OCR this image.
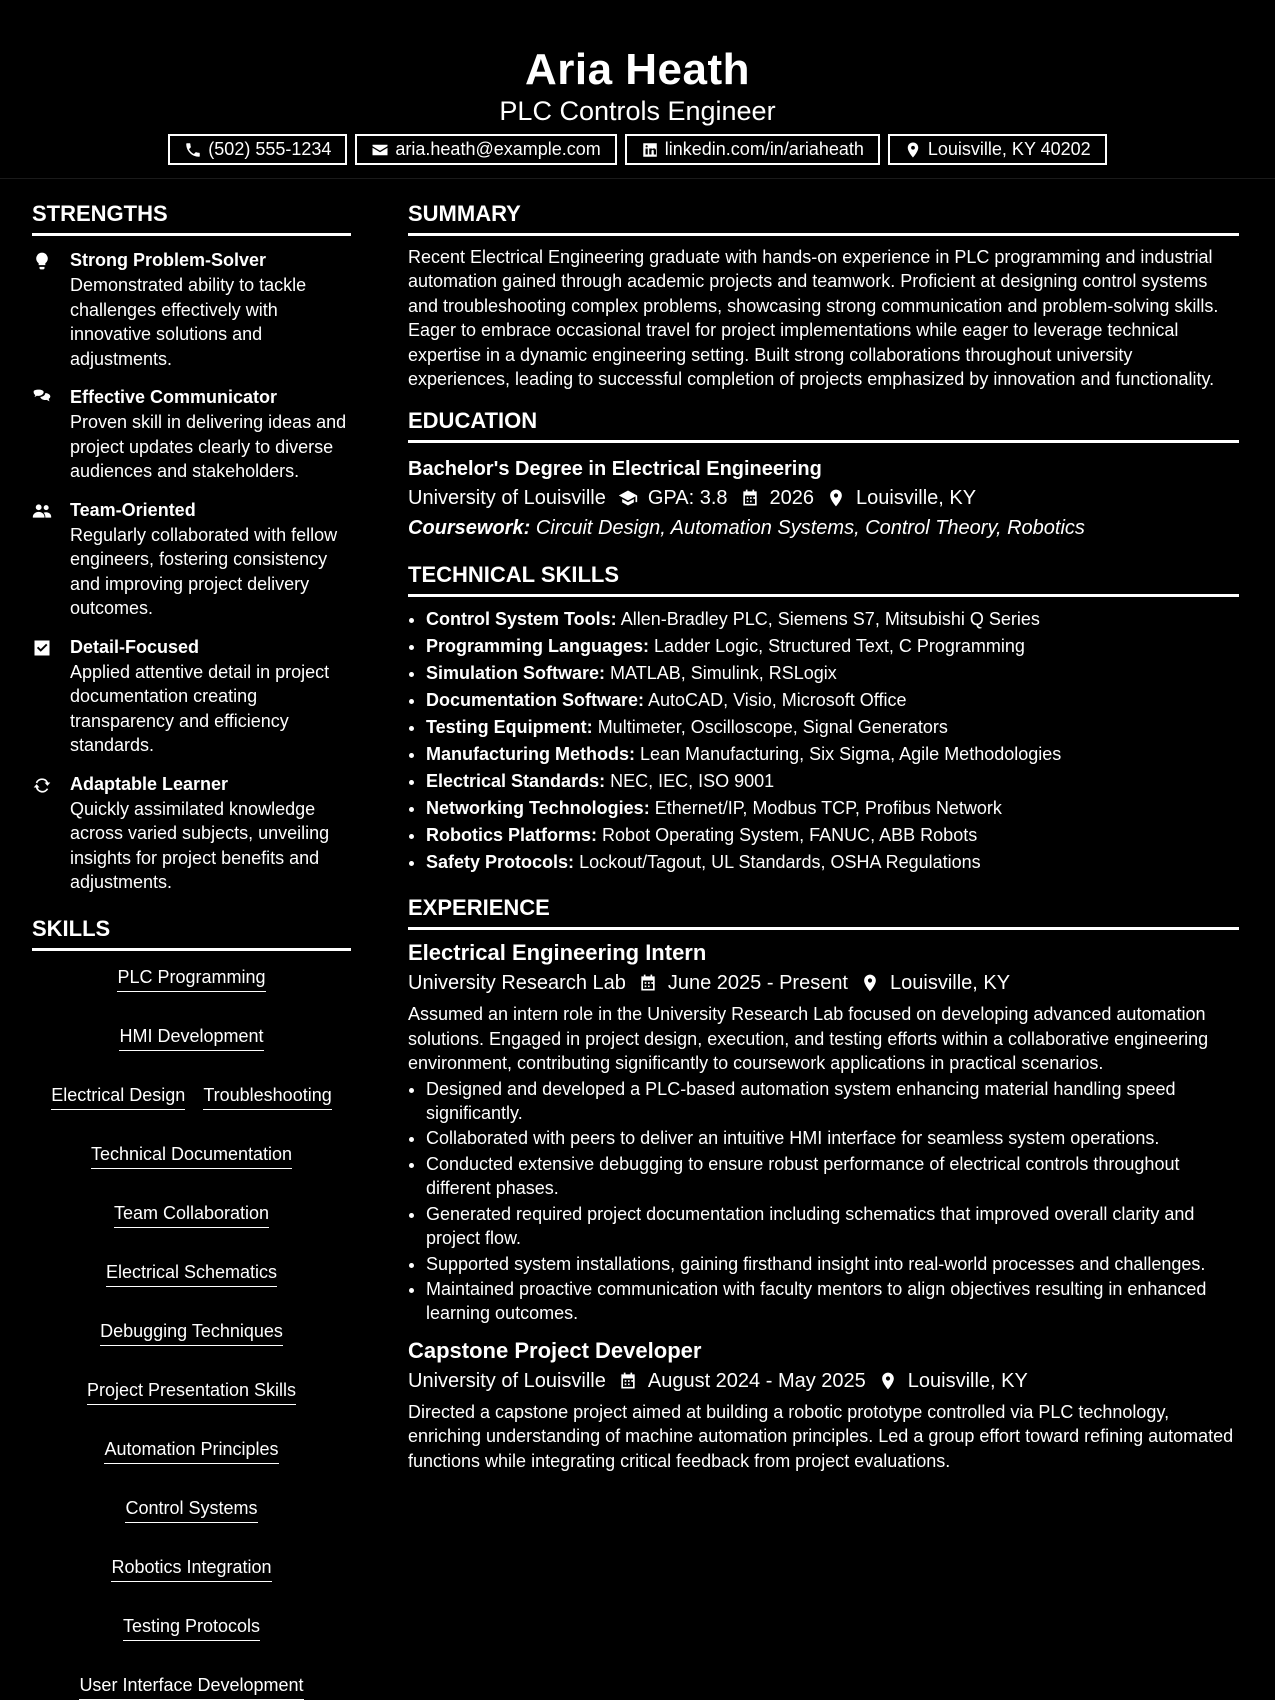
Aria Heath
PLC Controls Engineer
(502) 555-1234	aria.heath@example.com	linkedin.com/in/ariaheath	Louisville, KY 40202
STRENGTHS
Strong Problem-Solver
Demonstrated ability to tackle challenges effectively with innovative solutions and adjustments.
Effective Communicator
Proven skill in delivering ideas and project updates clearly to diverse audiences and stakeholders.
Team-Oriented
Regularly collaborated with fellow engineers, fostering consistency and improving project delivery outcomes.
Detail-Focused
Applied attentive detail in project documentation creating transparency and efficiency standards.
Adaptable Learner
Quickly assimilated knowledge across varied subjects, unveiling insights for project benefits and adjustments.
SKILLS
PLC Programming
HMI Development
Electrical Design Troubleshooting
Technical Documentation
Team Collaboration
Electrical Schematics
Debugging Techniques
Project Presentation Skills
Automation Principles
Control Systems
Robotics Integration
Testing Protocols
User Interface Development
SUMMARY
Recent Electrical Engineering graduate with hands-on experience in PLC programming and industrial automation gained through academic projects and teamwork. Proficient at designing control systems and troubleshooting complex problems, showcasing strong communication and problem-solving skills. Eager to embrace occasional travel for project implementations while eager to leverage technical expertise in a dynamic engineering setting. Built strong collaborations throughout university experiences, leading to successful completion of projects emphasized by innovation and functionality.
EDUCATION
Bachelor's Degree in Electrical Engineering
University of Louisville GPA: 3.8 2026 Louisville, KY
Coursework: Circuit Design, Automation Systems, Control Theory, Robotics
TECHNICAL SKILLS
• Control System Tools: Allen-Bradley PLC, Siemens S7, Mitsubishi Q Series
• Programming Languages: Ladder Logic, Structured Text, C Programming
• Simulation Software: MATLAB, Simulink, RSLogix
• Documentation Software: AutoCAD, Visio, Microsoft Office
• Testing Equipment: Multimeter, Oscilloscope, Signal Generators
• Manufacturing Methods: Lean Manufacturing, Six Sigma, Agile Methodologies
• Electrical Standards: NEC, IEC, ISO 9001
• Networking Technologies: Ethernet/IP, Modbus TCP, Profibus Network
• Robotics Platforms: Robot Operating System, FANUC, ABB Robots
• Safety Protocols: Lockout/Tagout, UL Standards, OSHA Regulations
EXPERIENCE
Electrical Engineering Intern
University Research Lab June 2025 - Present Louisville, KY
Assumed an intern role in the University Research Lab focused on developing advanced automation solutions. Engaged in project design, execution, and testing efforts within a collaborative engineering environment, contributing significantly to coursework applications in practical scenarios.
• Designed and developed a PLC-based automation system enhancing material handling speed significantly.
• Collaborated with peers to deliver an intuitive HMI interface for seamless system operations.
• Conducted extensive debugging to ensure robust performance of electrical controls throughout different phases.
• Generated required project documentation including schematics that improved overall clarity and project flow.
• Supported system installations, gaining firsthand insight into real-world processes and challenges.
• Maintained proactive communication with faculty mentors to align objectives resulting in enhanced learning outcomes.
Capstone Project Developer
University of Louisville August 2024 - May 2025 Louisville, KY
Directed a capstone project aimed at building a robotic prototype controlled via PLC technology, enriching understanding of machine automation principles. Led a group effort toward refining automated functions while integrating critical feedback from project evaluations.
